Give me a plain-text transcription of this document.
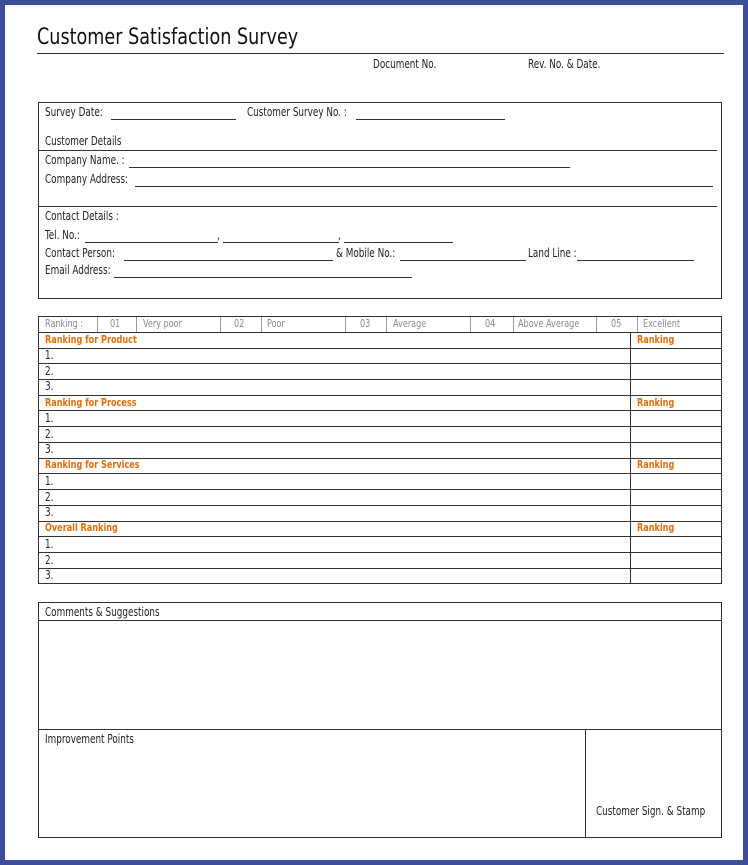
Customer Satisfaction Survey
Document No.	Rev. No. & Date.
Survey Date:	Customer Survey No. :
Customer Details
Company Name. :
Company Address:
Contact Details :
Tel. No.:	,	,
Contact Person:	& Mobile No.:	Land Line :
Email Address:
Ranking : 01 Very poor	02 Poor	03 Average	04 Above Average	05 Excellent
Ranking for Product	Ranking
1.
2.
3.
Ranking for Process	Ranking
1.
2.
3.
Ranking for Services	Ranking
1.
2.
3.
Overall Ranking	Ranking
1.
2.
3.
Comments & Suggestions
Improvement Points
Customer Sign. & Stamp
